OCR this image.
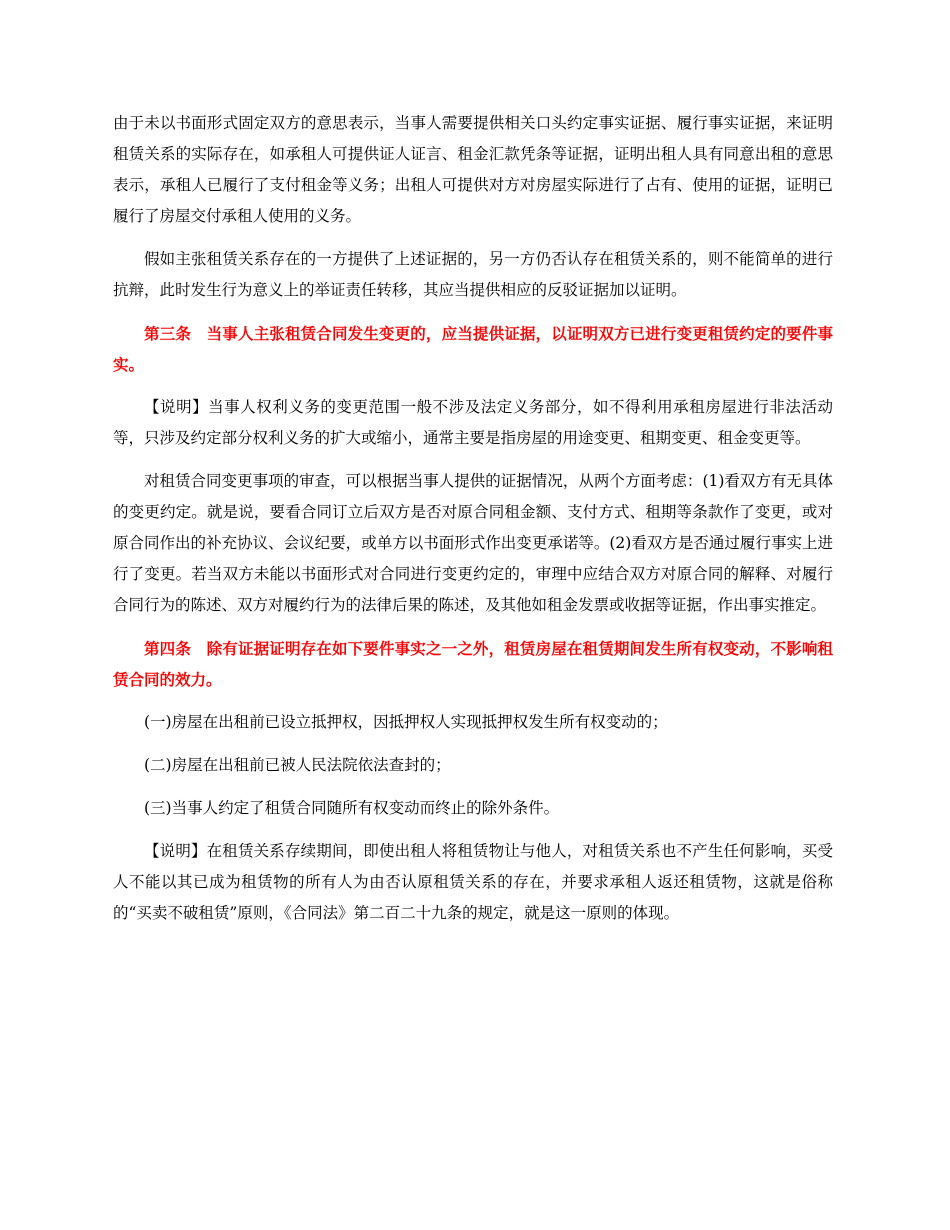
由于未以书面形式固定双方的意思表示，当事人需要提供相关口头约定事实证据、履行事实证据，来证明租赁关系的实际存在，如承租人可提供证人证言、租金汇款凭条等证据，证明出租人具有同意出租的意思表示，承租人已履行了支付租金等义务；出租人可提供对方对房屋实际进行了占有、使用的证据，证明已履行了房屋交付承租人使用的义务。

假如主张租赁关系存在的一方提供了上述证据的，另一方仍否认存在租赁关系的，则不能简单的进行抗辩，此时发生行为意义上的举证责任转移，其应当提供相应的反驳证据加以证明。

第三条　当事人主张租赁合同发生变更的，应当提供证据，以证明双方已进行变更租赁约定的要件事实。

【说明】当事人权利义务的变更范围一般不涉及法定义务部分，如不得利用承租房屋进行非法活动等，只涉及约定部分权利义务的扩大或缩小，通常主要是指房屋的用途变更、租期变更、租金变更等。

对租赁合同变更事项的审查，可以根据当事人提供的证据情况，从两个方面考虑：(1)看双方有无具体的变更约定。就是说，要看合同订立后双方是否对原合同租金额、支付方式、租期等条款作了变更，或对原合同作出的补充协议、会议纪要，或单方以书面形式作出变更承诺等。(2)看双方是否通过履行事实上进行了变更。若当双方未能以书面形式对合同进行变更约定的，审理中应结合双方对原合同的解释、对履行合同行为的陈述、双方对履约行为的法律后果的陈述，及其他如租金发票或收据等证据，作出事实推定。

第四条　除有证据证明存在如下要件事实之一之外，租赁房屋在租赁期间发生所有权变动，不影响租赁合同的效力。

(一)房屋在出租前已设立抵押权，因抵押权人实现抵押权发生所有权变动的；

(二)房屋在出租前已被人民法院依法查封的；

(三)当事人约定了租赁合同随所有权变动而终止的除外条件。

【说明】在租赁关系存续期间，即使出租人将租赁物让与他人，对租赁关系也不产生任何影响，买受人不能以其已成为租赁物的所有人为由否认原租赁关系的存在，并要求承租人返还租赁物，这就是俗称的“买卖不破租赁”原则，《合同法》第二百二十九条的规定，就是这一原则的体现。
